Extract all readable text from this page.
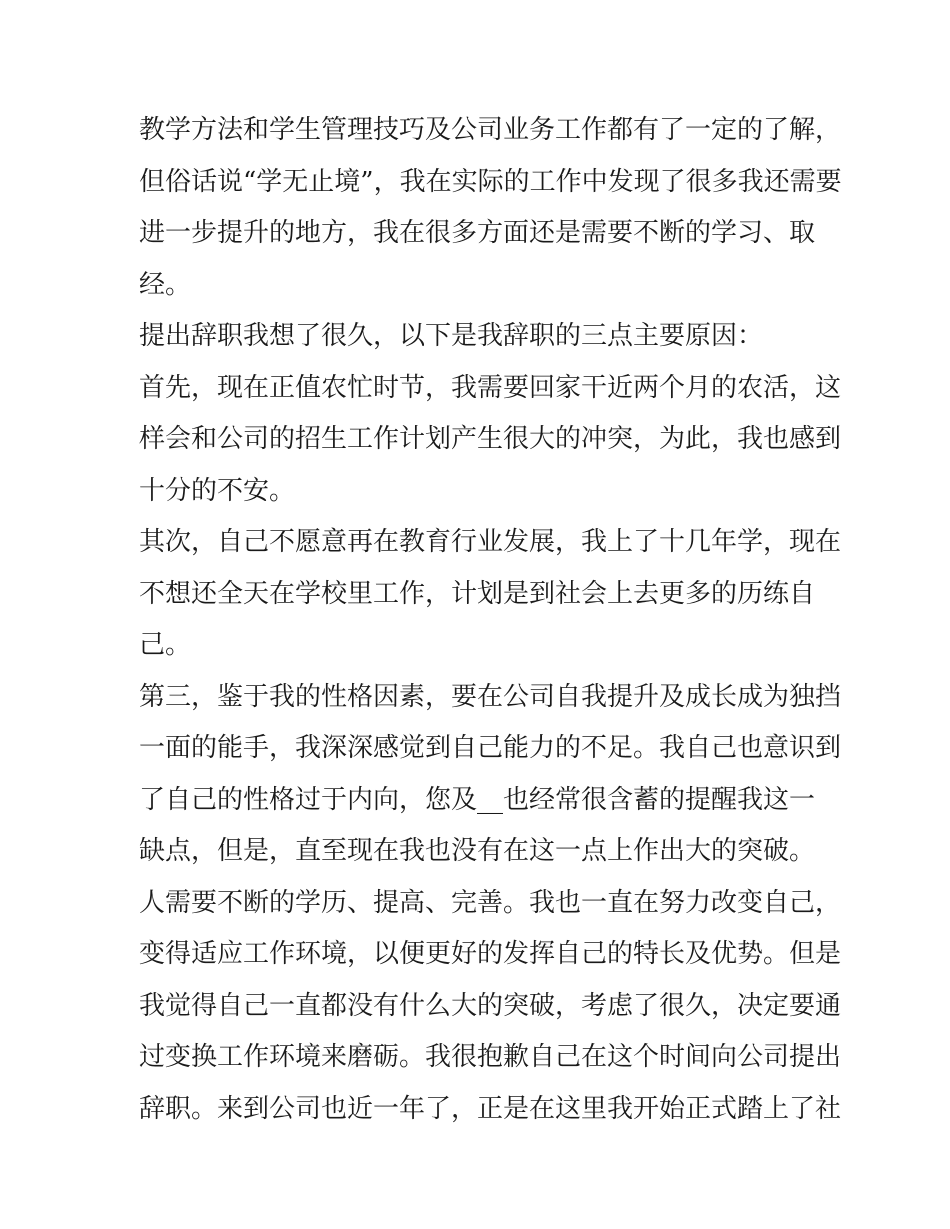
教学方法和学生管理技巧及公司业务工作都有了一定的了解，
但俗话说“学无止境”，我在实际的工作中发现了很多我还需要
进一步提升的地方，我在很多方面还是需要不断的学习、取
经。
提出辞职我想了很久，以下是我辞职的三点主要原因：
首先，现在正值农忙时节，我需要回家干近两个月的农活，这
样会和公司的招生工作计划产生很大的冲突，为此，我也感到
十分的不安。
其次，自己不愿意再在教育行业发展，我上了十几年学，现在
不想还全天在学校里工作，计划是到社会上去更多的历练自
己。
第三，鉴于我的性格因素，要在公司自我提升及成长成为独挡
一面的能手，我深深感觉到自己能力的不足。我自己也意识到
了自己的性格过于内向，您及__也经常很含蓄的提醒我这一
缺点，但是，直至现在我也没有在这一点上作出大的突破。
人需要不断的学历、提高、完善。我也一直在努力改变自己，
变得适应工作环境，以便更好的发挥自己的特长及优势。但是
我觉得自己一直都没有什么大的突破，考虑了很久，决定要通
过变换工作环境来磨砺。我很抱歉自己在这个时间向公司提出
辞职。来到公司也近一年了，正是在这里我开始正式踏上了社
